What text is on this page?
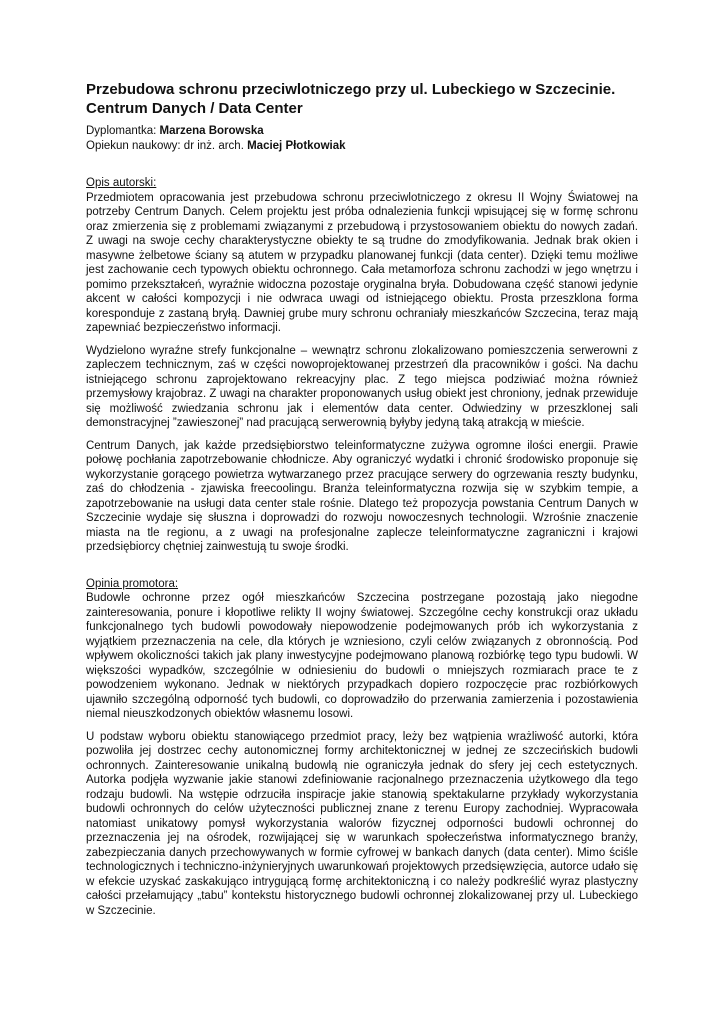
Przebudowa schronu przeciwlotniczego przy ul. Lubeckiego w Szczecinie.
Centrum Danych / Data Center
Dyplomantka: Marzena Borowska
Opiekun naukowy: dr inż. arch. Maciej Płotkowiak
Opis autorski:

Przedmiotem opracowania jest przebudowa schronu przeciwlotniczego z okresu II Wojny Światowej na potrzeby Centrum Danych. Celem projektu jest próba odnalezienia funkcji wpisującej się w formę schronu oraz zmierzenia się z problemami związanymi z przebudową i przystosowaniem obiektu do nowych zadań. Z uwagi na swoje cechy charakterystyczne obiekty te są trudne do zmodyfikowania. Jednak brak okien i masywne żelbetowe ściany są atutem w przypadku planowanej funkcji (data center). Dzięki temu możliwe jest zachowanie cech typowych obiektu ochronnego. Cała metamorfoza schronu zachodzi w jego wnętrzu i pomimo przekształceń, wyraźnie widoczna pozostaje oryginalna bryła. Dobudowana część stanowi jedynie akcent w całości kompozycji i nie odwraca uwagi od istniejącego obiektu. Prosta przeszklona forma koresponduje z zastaną bryłą. Dawniej grube mury schronu ochraniały mieszkańców Szczecina, teraz mają zapewniać bezpieczeństwo informacji.

Wydzielono wyraźne strefy funkcjonalne – wewnątrz schronu zlokalizowano pomieszczenia serwerowni z zapleczem technicznym, zaś w części nowoprojektowanej przestrzeń dla pracowników i gości. Na dachu istniejącego schronu zaprojektowano rekreacyjny plac. Z tego miejsca podziwiać można również przemysłowy krajobraz. Z uwagi na charakter proponowanych usług obiekt jest chroniony, jednak przewiduje się możliwość zwiedzania schronu jak i elementów data center. Odwiedziny w przeszklonej sali demonstracyjnej ”zawieszonej” nad pracującą serwerownią byłyby jedyną taką atrakcją w mieście.

Centrum Danych, jak każde przedsiębiorstwo teleinformatyczne zużywa ogromne ilości energii. Prawie połowę pochłania zapotrzebowanie chłodnicze. Aby ograniczyć wydatki i chronić środowisko proponuje się wykorzystanie gorącego powietrza wytwarzanego przez pracujące serwery do ogrzewania reszty budynku, zaś do chłodzenia - zjawiska freecoolingu. Branża teleinformatyczna rozwija się w szybkim tempie, a zapotrzebowanie na usługi data center stale rośnie. Dlatego też propozycja powstania Centrum Danych w Szczecinie wydaje się słuszna i doprowadzi do rozwoju nowoczesnych technologii. Wzrośnie znaczenie miasta na tle regionu, a z uwagi na profesjonalne zaplecze teleinformatyczne zagraniczni i krajowi przedsiębiorcy chętniej zainwestują tu swoje środki.

Opinia promotora:

Budowle ochronne przez ogół mieszkańców Szczecina postrzegane pozostają jako niegodne zainteresowania, ponure i kłopotliwe relikty II wojny światowej. Szczególne cechy konstrukcji oraz układu funkcjonalnego tych budowli powodowały niepowodzenie podejmowanych prób ich wykorzystania z wyjątkiem przeznaczenia na cele, dla których je wzniesiono, czyli celów związanych z obronnością. Pod wpływem okoliczności takich jak plany inwestycyjne podejmowano planową rozbiórkę tego typu budowli. W większości wypadków, szczególnie w odniesieniu do budowli o mniejszych rozmiarach prace te z powodzeniem wykonano. Jednak w niektórych przypadkach dopiero rozpoczęcie prac rozbiórkowych ujawniło szczególną odporność tych budowli, co doprowadziło do przerwania zamierzenia i pozostawienia niemal nieuszkodzonych obiektów własnemu losowi.

U podstaw wyboru obiektu stanowiącego przedmiot pracy, leży bez wątpienia wrażliwość autorki, która pozwoliła jej dostrzec cechy autonomicznej formy architektonicznej w jednej ze szczecińskich budowli ochronnych. Zainteresowanie unikalną budowlą nie ograniczyła jednak do sfery jej cech estetycznych. Autorka podjęła wyzwanie jakie stanowi zdefiniowanie racjonalnego przeznaczenia użytkowego dla tego rodzaju budowli. Na wstępie odrzuciła inspiracje jakie stanowią spektakularne przykłady wykorzystania budowli ochronnych do celów użyteczności publicznej znane z terenu Europy zachodniej. Wypracowała natomiast unikatowy pomysł wykorzystania walorów fizycznej odporności budowli ochronnej do przeznaczenia jej na ośrodek, rozwijającej się w warunkach społeczeństwa informatycznego branży, zabezpieczania danych przechowywanych w formie cyfrowej w bankach danych (data center). Mimo ściśle technologicznych i techniczno-inżynieryjnych uwarunkowań projektowych przedsięwzięcia, autorce udało się w efekcie uzyskać zaskakująco intrygującą formę architektoniczną i co należy podkreślić wyraz plastyczny całości przełamujący „tabu” kontekstu historycznego budowli ochronnej zlokalizowanej przy ul. Lubeckiego w Szczecinie.
